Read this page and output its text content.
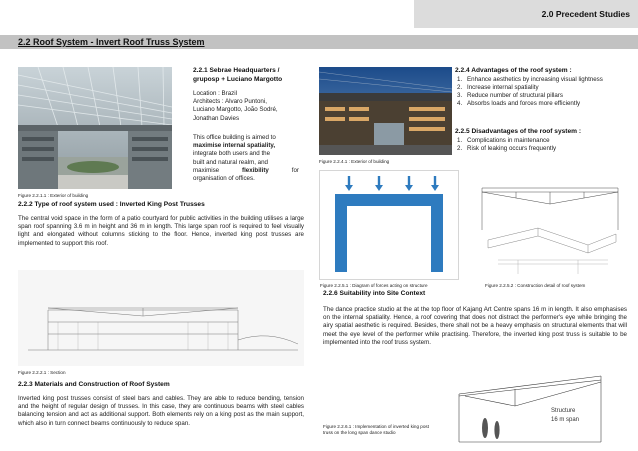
2.0 Precedent Studies
2.2 Roof System - Invert Roof Truss System
Figure 2.2.1.1 : Exterior of building
2.2.1 Sebrae Headquarters /
gruposp + Luciano Margotto
Location : Brazil
Architects : Alvaro Puntoni,
Luciano Margotto, João Sodré,
Jonathan Davies
This office building is aimed to
maximise internal spatiality,
integrate both users and the
built and natural realm, and
maximise	flexibility	for
organisation of offices.
2.2.2 Type of roof system used : Inverted King Post Trusses
The central void space in the form of a patio courtyard for public activities in the building utilises a large span roof spanning 3.6 m in height and 36 m in length. This large span roof is required to feel visually light and elongated without columns sticking to the floor. Hence, inverted king post trusses are implemented to support this roof.
Figure 2.2.2.1 : Section
2.2.3 Materials and Construction of Roof System
Inverted king post trusses consist of steel bars and cables. They are able to reduce bending, tension and the height of regular design of trusses. In this case, they are continuous beams with steel cables balancing tension and act as additional support. Both elements rely on a king post as the main support, which also in turn connect beams continuously to reduce span.
Figure 2.2.4.1 : Exterior of building
2.2.4 Advantages of the roof system :
1. Enhance aesthetics by increasing visual lightness
2. Increase internal spatiality
3. Reduce number of structural pillars
4. Absorbs loads and forces more efficiently
2.2.5 Disadvantages of the roof system :
1. Complications in maintenance
2. Risk of leaking occurs frequently
Figure 2.2.5.1 : Diagram of forces acting on structure	Figure 2.2.5.2 : Construction detail of roof system
2.2.6 Suitability into Site Context
The dance practice studio at the at the top floor of Kajang Art Centre spans 16 m in length. It also emphasises on the internal spatiality. Hence, a roof covering that does not distract the performer's eye while bringing the airy spatial aesthetic is required. Besides, there shall not be a heavy emphasis on structural elements that will meet the eye level of the performer while practising. Therefore, the inverted king post truss is suitable to be implemented into the roof truss system.
Structure
16 m span
Figure 2.2.6.1 : Implementation of inverted king post
truss on the long span dance studio
